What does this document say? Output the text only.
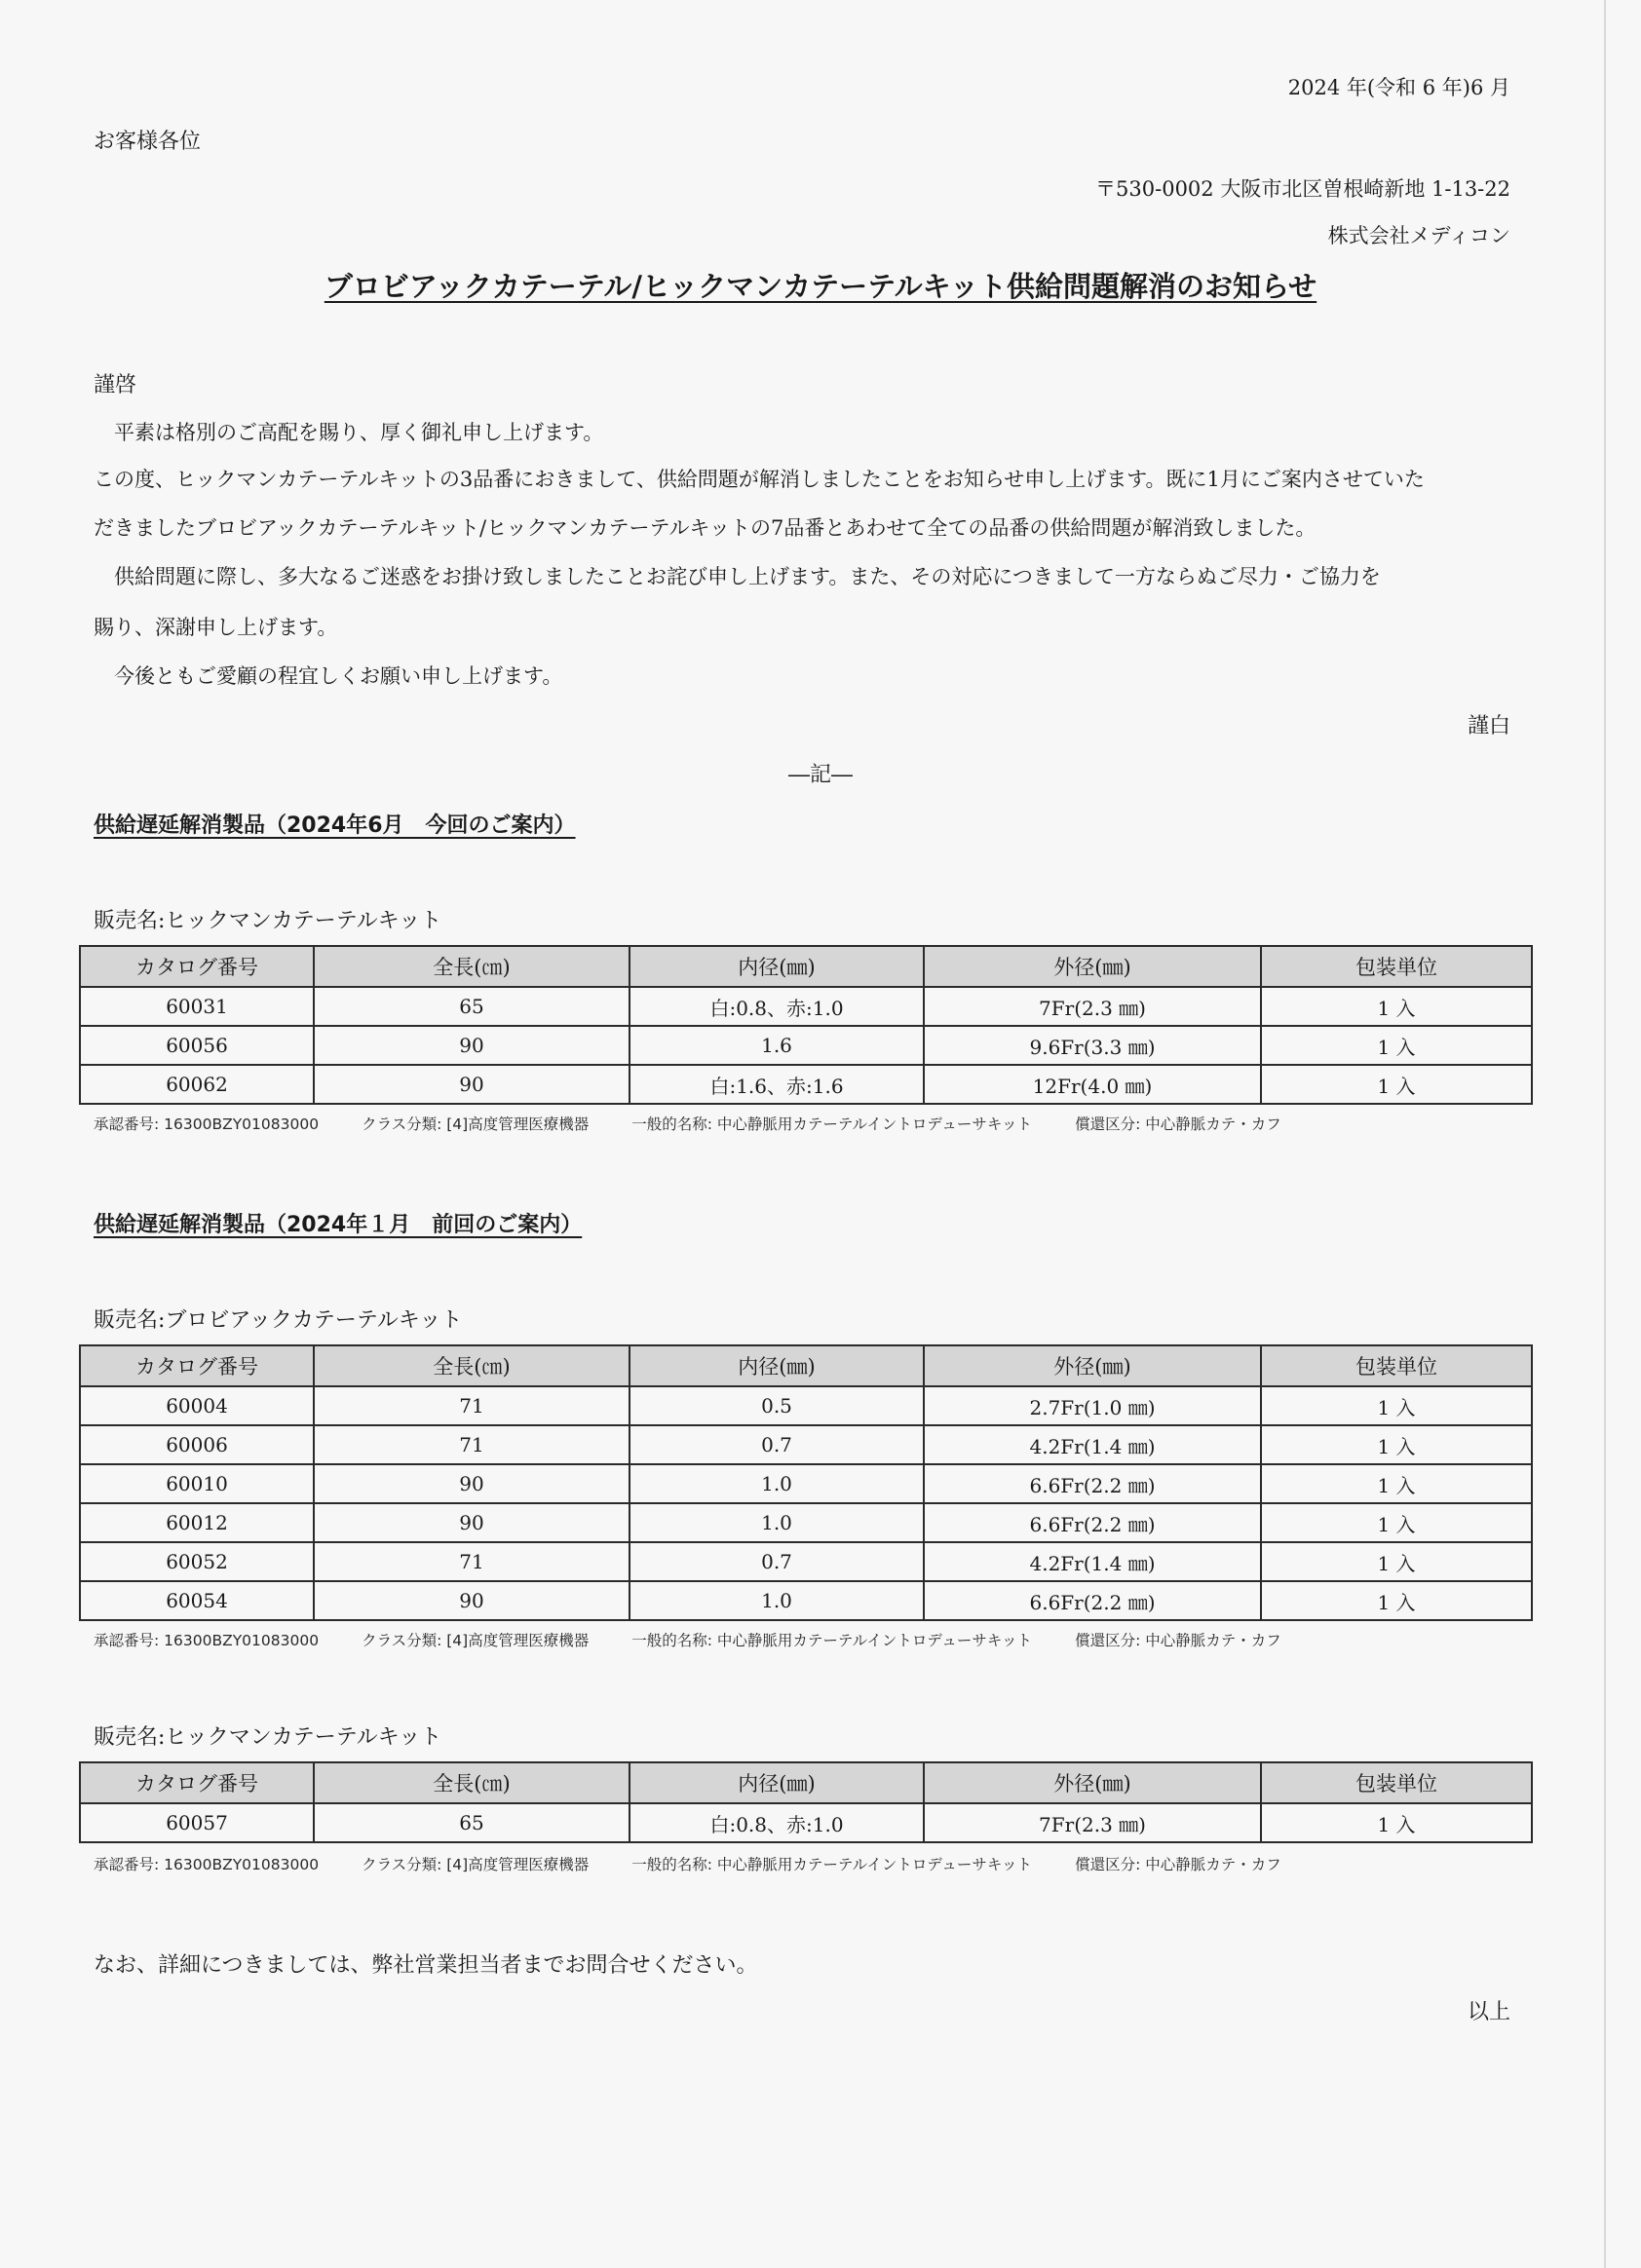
2024 年(令和 6 年)6 月
お客様各位
〒530-0002 大阪市北区曽根崎新地 1-13-22
株式会社メディコン
ブロビアックカテーテル/ヒックマンカテーテルキット供給問題解消のお知らせ
謹啓
　平素は格別のご高配を賜り、厚く御礼申し上げます。
この度、ヒックマンカテーテルキットの3品番におきまして、供給問題が解消しましたことをお知らせ申し上げます。既に1月にご案内させていた
だきましたブロビアックカテーテルキット/ヒックマンカテーテルキットの7品番とあわせて全ての品番の供給問題が解消致しました。
　供給問題に際し、多大なるご迷惑をお掛け致しましたことお詫び申し上げます。また、その対応につきまして一方ならぬご尽力・ご協力を
賜り、深謝申し上げます。
　今後ともご愛顧の程宜しくお願い申し上げます。
謹白
―記―
供給遅延解消製品（2024年6月　今回のご案内）
販売名:ヒックマンカテーテルキット
カタログ番号	全長(㎝)	内径(㎜)	外径(㎜)	包装単位
60031	65	白:0.8、赤:1.0	7Fr(2.3 ㎜)	1 入
60056	90	1.6	9.6Fr(3.3 ㎜)	1 入
60062	90	白:1.6、赤:1.6	12Fr(4.0 ㎜)	1 入
承認番号: 16300BZY01083000	クラス分類: [4]高度管理医療機器	一般的名称: 中心静脈用カテーテルイントロデューサキット	償還区分: 中心静脈カテ・カフ
供給遅延解消製品（2024年１月　前回のご案内）
販売名:ブロビアックカテーテルキット
カタログ番号	全長(㎝)	内径(㎜)	外径(㎜)	包装単位
60004	71	0.5	2.7Fr(1.0 ㎜)	1 入
60006	71	0.7	4.2Fr(1.4 ㎜)	1 入
60010	90	1.0	6.6Fr(2.2 ㎜)	1 入
60012	90	1.0	6.6Fr(2.2 ㎜)	1 入
60052	71	0.7	4.2Fr(1.4 ㎜)	1 入
60054	90	1.0	6.6Fr(2.2 ㎜)	1 入
承認番号: 16300BZY01083000	クラス分類: [4]高度管理医療機器	一般的名称: 中心静脈用カテーテルイントロデューサキット	償還区分: 中心静脈カテ・カフ
販売名:ヒックマンカテーテルキット
カタログ番号	全長(㎝)	内径(㎜)	外径(㎜)	包装単位
60057	65	白:0.8、赤:1.0	7Fr(2.3 ㎜)	1 入
承認番号: 16300BZY01083000	クラス分類: [4]高度管理医療機器	一般的名称: 中心静脈用カテーテルイントロデューサキット	償還区分: 中心静脈カテ・カフ
なお、詳細につきましては、弊社営業担当者までお問合せください。
以上
